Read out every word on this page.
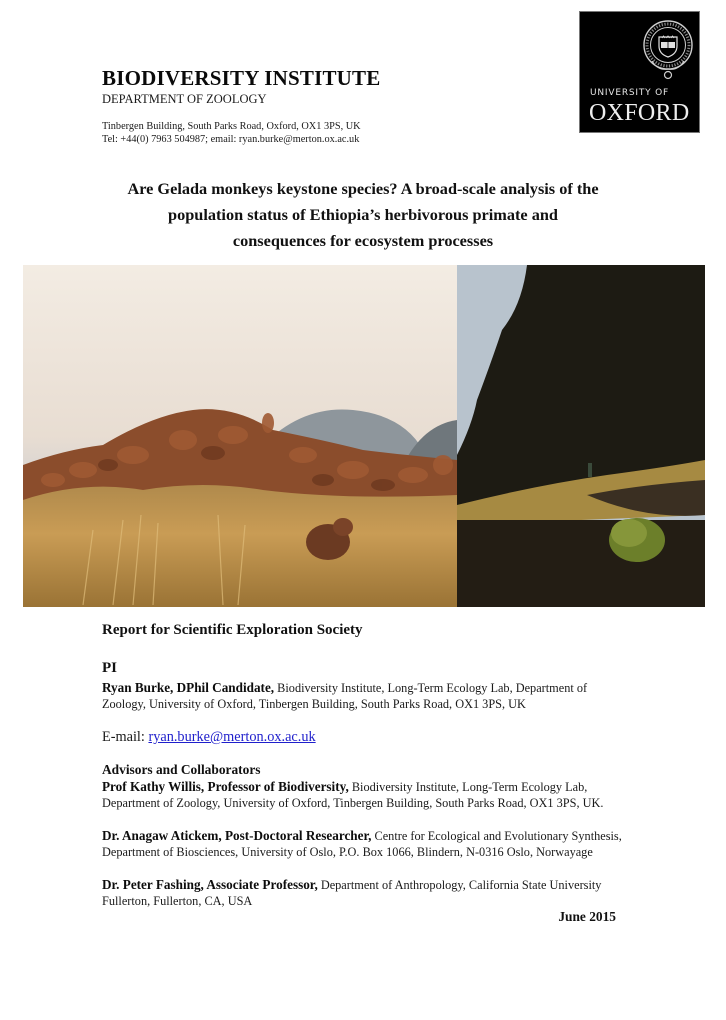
BIODIVERSITY INSTITUTE
DEPARTMENT OF ZOOLOGY
Tinbergen Building, South Parks Road, Oxford, OX1 3PS, UK
Tel: +44(0) 7963 504987; email: ryan.burke@merton.ox.ac.uk
UNIVERSITY OF
OXFORD
Are Gelada monkeys keystone species? A broad-scale analysis of the
population status of Ethiopia’s herbivorous primate and
consequences for ecosystem processes
Report for Scientific Exploration Society
PI
Ryan Burke, DPhil Candidate, Biodiversity Institute, Long-Term Ecology Lab, Department of Zoology, University of Oxford, Tinbergen Building, South Parks Road, OX1 3PS, UK
E-mail: ryan.burke@merton.ox.ac.uk
Advisors and Collaborators
Prof Kathy Willis, Professor of Biodiversity, Biodiversity Institute, Long-Term Ecology Lab, Department of Zoology, University of Oxford, Tinbergen Building, South Parks Road, OX1 3PS, UK.
Dr. Anagaw Atickem, Post-Doctoral Researcher, Centre for Ecological and Evolutionary Synthesis, Department of Biosciences, University of Oslo, P.O. Box 1066, Blindern, N-0316 Oslo, Norwayage
Dr. Peter Fashing, Associate Professor, Department of Anthropology, California State University Fullerton, Fullerton, CA, USA
June 2015
